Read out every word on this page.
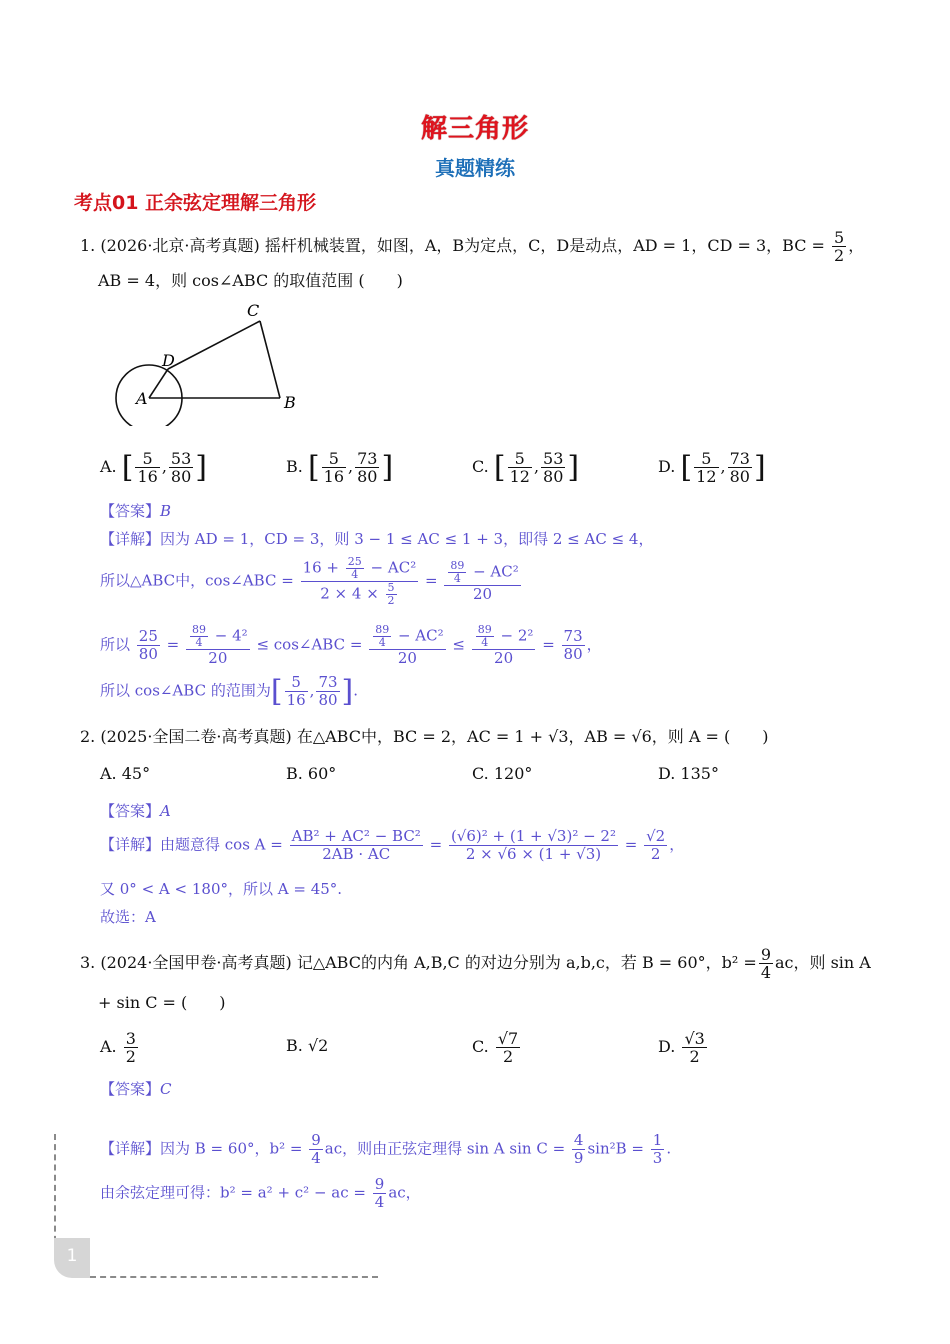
解三角形
真题精练
考点01 正余弦定理解三角形
1. (2026·北京·高考真题) 摇杆机械装置，如图，A，B为定点，C，D是动点，AD = 1，CD = 3，BC = $\frac{5}{2}$ ，
AB = 4，则 cos∠ABC 的取值范围 (　　)
A	B
C
D
A. [ $\frac{5}{16}$ , $\frac{53}{80}$ ]	B. [ $\frac{5}{16}$ , $\frac{73}{80}$ ]	C. [ $\frac{5}{12}$ , $\frac{53}{80}$ ]	D. [ $\frac{5}{12}$ , $\frac{73}{80}$ ]
【答案】B
【详解】因为 AD = 1，CD = 3，则 3 − 1 ≤ AC ≤ 1 + 3，即得 2 ≤ AC ≤ 4，
所以△ABC中，cos∠ABC = $\frac{16 + \frac{25}{4} - AC^2}{2 \times 4 \times \frac{5}{2}} = \frac{\frac{89}{4} - AC^2}{20}$
所以 $\frac{25}{80} = \frac{\frac{89}{4} - 4^2}{20}$ ≤ cos∠ABC = $\frac{\frac{89}{4} - AC^2}{20} \le \frac{\frac{89}{4} - 2^2}{20} = \frac{73}{80}$ ，
所以 cos∠ABC 的范围为[ $\frac{5}{16}$ , $\frac{73}{80}$ ].
2. (2025·全国二卷·高考真题) 在△ABC中，BC = 2，AC = 1 + √3，AB = √6，则 A = (　　)
A. 45°	B. 60°	C. 120°	D. 135°
【答案】A
【详解】由题意得 $\cos A = \frac{\text{AB² + AC² − BC²}}{2AB \cdot AC} = \frac{\text{(√6)² + (1 + √3)² − 2²}}{2 \times √6 \times (1 + √3)} = \frac{√2}{2}$ ，
又 0° < A < 180°，所以 A = 45°.
故选：A
3. (2024·全国甲卷·高考真题) 记△ABC的内角 A,B,C 的对边分别为 a,b,c，若 B = 60°，$b^2 = \frac{9}{4}$ ac，则 sin A
+ sin C = (　　)
A. $\frac{3}{2}$	B. √2	C. $\frac{√7}{2}$	D. $\frac{√3}{2}$
【答案】C
【详解】因为 B = 60°，$b^2 = \frac{9}{4}$ ac，则由正弦定理得 sin A $\sin C = \frac{4}{9} \sin^2B = \frac{1}{3}$ .
由余弦定理可得：b² = a² + c² − ac = $\frac{9}{4}$ ac，
1
